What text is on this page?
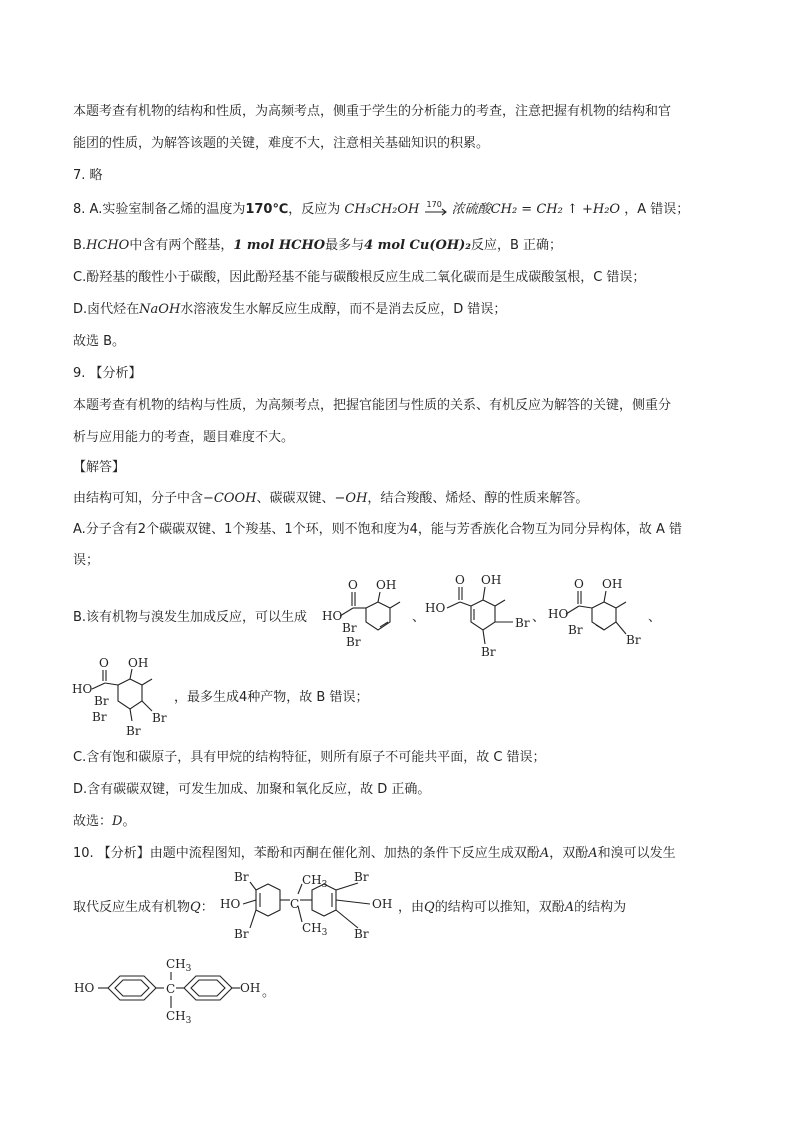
本题考查有机物的结构和性质，为高频考点，侧重于学生的分析能力的考查，注意把握有机物的结构和官
能团的性质，为解答该题的关键，难度不大，注意相关基础知识的积累。
7. 略
8. A.实验室制备乙烯的温度为170℃，反应为 CH₃CH₂OH 170 浓硫酸CH₂ = CH₂ ↑ +H₂O ，A 错误；
B.HCHO中含有两个醛基，1 mol HCHO最多与4 mol Cu(OH)₂反应，B 正确；
C.酚羟基的酸性小于碳酸，因此酚羟基不能与碳酸根反应生成二氧化碳而是生成碳酸氢根，C 错误；
D.卤代烃在NaOH水溶液发生水解反应生成醇，而不是消去反应，D 错误；
故选 B。
9. 【分析】
本题考查有机物的结构与性质，为高频考点，把握官能团与性质的关系、有机反应为解答的关键，侧重分
析与应用能力的考查，题目难度不大。
【解答】
由结构可知，分子中含−COOH、碳碳双键、−OH，结合羧酸、烯烃、醇的性质来解答。
A.分子含有2个碳碳双键、1个羧基、1个环，则不饱和度为4，能与芳香族化合物互为同分异构体，故 A 错
误；
B.该有机物与溴发生加成反应，可以生成 HO
O OH
Br
Br
、
HO
O OH
Br
Br
、 HO
O OH
Br
Br
、
HO
O OH
Br
Br	Br
Br
，最多生成4种产物，故 B 错误；
C.含有饱和碳原子，具有甲烷的结构特征，则所有原子不可能共平面，故 C 错误；
D.含有碳碳双键，可发生加成、加聚和氧化反应，故 D 正确。
故选：D。
10. 【分析】由题中流程图知，苯酚和丙酮在催化剂、加热的条件下反应生成双酚A，双酚A和溴可以发生
取代反应生成有机物Q：
Br
HO
Br
$CH_3$
$CH_3$
C
Br
OH
Br
，由Q的结构可以推知，双酚A的结构为
HO
$CH_3$
$CH_3$
C	OH 。
